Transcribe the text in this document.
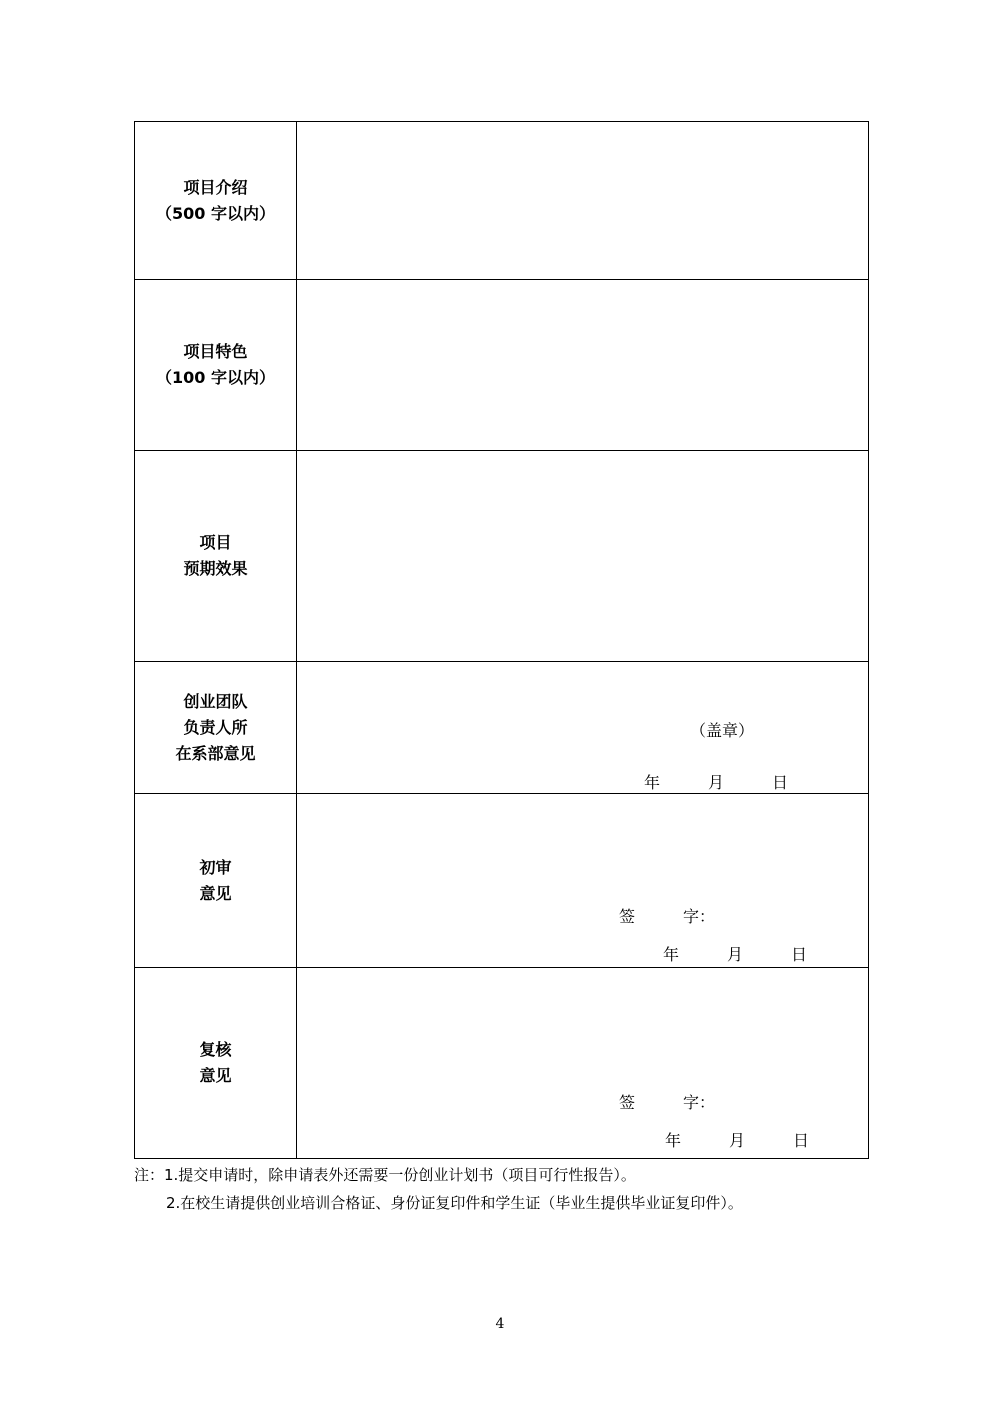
项目介绍
（500 字以内）
项目特色
（100 字以内）
项目
预期效果
创业团队
负责人所
在系部意见
（盖章）
年　　　月　　　日
初审
意见
签　　　字：
年　　　月　　　日
复核
意见
签　　　字：
年　　　月　　　日
注：1.提交申请时，除申请表外还需要一份创业计划书（项目可行性报告）。
2.在校生请提供创业培训合格证、身份证复印件和学生证（毕业生提供毕业证复印件）。
4
